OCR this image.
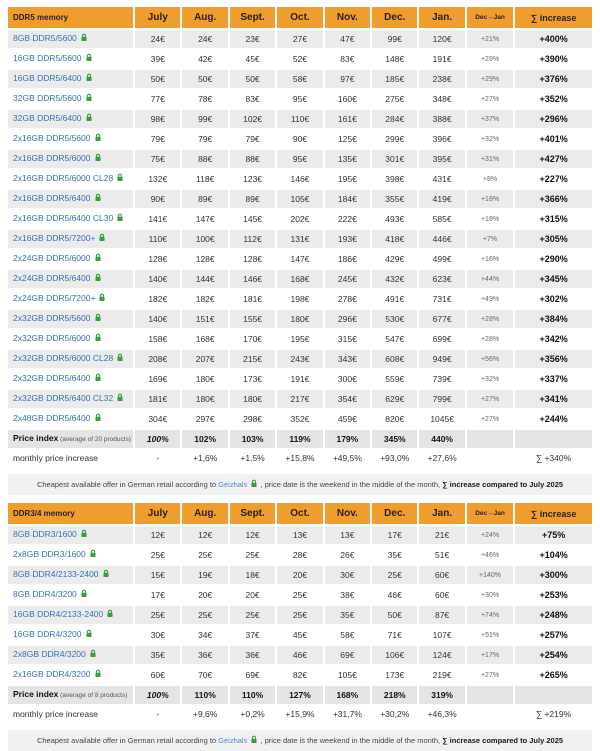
DDR5 memory	July	Aug.	Sept.	Oct.	Nov.	Dec.	Jan.	Dec→Jan	∑ increase
8GB DDR5/5600	24€	24€	23€	27€	47€	99€	120€	+21%	+400%
16GB DDR5/5600	39€	42€	45€	52€	83€	148€	191€	+29%	+390%
16GB DDR5/6400	50€	50€	50€	58€	97€	185€	238€	+29%	+376%
32GB DDR5/5600	77€	78€	83€	95€	160€	275€	348€	+27%	+352%
32GB DDR5/6400	98€	99€	102€	110€	161€	284€	388€	+37%	+296%
2x16GB DDR5/5600	79€	79€	79€	90€	125€	299€	396€	+32%	+401%
2x16GB DDR5/6000	75€	88€	88€	95€	135€	301€	395€	+31%	+427%
2x16GB DDR5/6000 CL28	132€	118€	123€	146€	195€	398€	431€	+8%	+227%
2x16GB DDR5/6400	90€	89€	89€	105€	184€	355€	419€	+18%	+366%
2x16GB DDR5/6400 CL30	141€	147€	145€	202€	222€	493€	585€	+19%	+315%
2x16GB DDR5/7200+	110€	100€	112€	131€	193€	418€	446€	+7%	+305%
2x24GB DDR5/6000	128€	128€	128€	147€	186€	429€	499€	+16%	+290%
2x24GB DDR5/6400	140€	144€	146€	168€	245€	432€	623€	+44%	+345%
2x24GB DDR5/7200+	182€	182€	181€	198€	278€	491€	731€	+49%	+302%
2x32GB DDR5/5600	140€	151€	155€	180€	296€	530€	677€	+28%	+384%
2x32GB DDR5/6000	158€	168€	170€	195€	315€	547€	699€	+28%	+342%
2x32GB DDR5/6000 CL28	208€	207€	215€	243€	343€	608€	949€	+56%	+356%
2x32GB DDR5/6400	169€	180€	173€	191€	300€	559€	739€	+32%	+337%
2x32GB DDR5/6400 CL32	181€	180€	180€	217€	354€	629€	799€	+27%	+341%
2x48GB DDR5/6400	304€	297€	298€	352€	459€	820€	1045€	+27%	+244%
Price index (average of 20 products)	100%	102%	103%	119%	179%	345%	440%		
monthly price increase	-	+1,6%	+1,5%	+15,8%	+49,5%	+93,0%	+27,6%		∑ +340%
Cheapest available offer in German retail according to Geizhals , price date is the weekend in the middle of the month, ∑ increase compared to July 2025
DDR3/4 memory	July	Aug.	Sept.	Oct.	Nov.	Dec.	Jan.	Dec→Jan	∑ increase
8GB DDR3/1600	12€	12€	12€	13€	13€	17€	21€	+24%	+75%
2x8GB DDR3/1600	25€	25€	25€	28€	26€	35€	51€	+46%	+104%
8GB DDR4/2133-2400	15€	19€	18€	20€	30€	25€	60€	+140%	+300%
8GB DDR4/3200	17€	20€	20€	25€	38€	46€	60€	+30%	+253%
16GB DDR4/2133-2400	25€	25€	25€	25€	35€	50€	87€	+74%	+248%
16GB DDR4/3200	30€	34€	37€	45€	58€	71€	107€	+51%	+257%
2x8GB DDR4/3200	35€	36€	36€	46€	69€	106€	124€	+17%	+254%
2x16GB DDR4/3200	60€	70€	69€	82€	105€	173€	219€	+27%	+265%
Price index (average of 8 products)	100%	110%	110%	127%	168%	218%	319%		
monthly price increase	-	+9,6%	+0,2%	+15,9%	+31,7%	+30,2%	+46,3%		∑ +219%
Cheapest available offer in German retail according to Geizhals , price date is the weekend in the middle of the month, ∑ increase compared to July 2025
